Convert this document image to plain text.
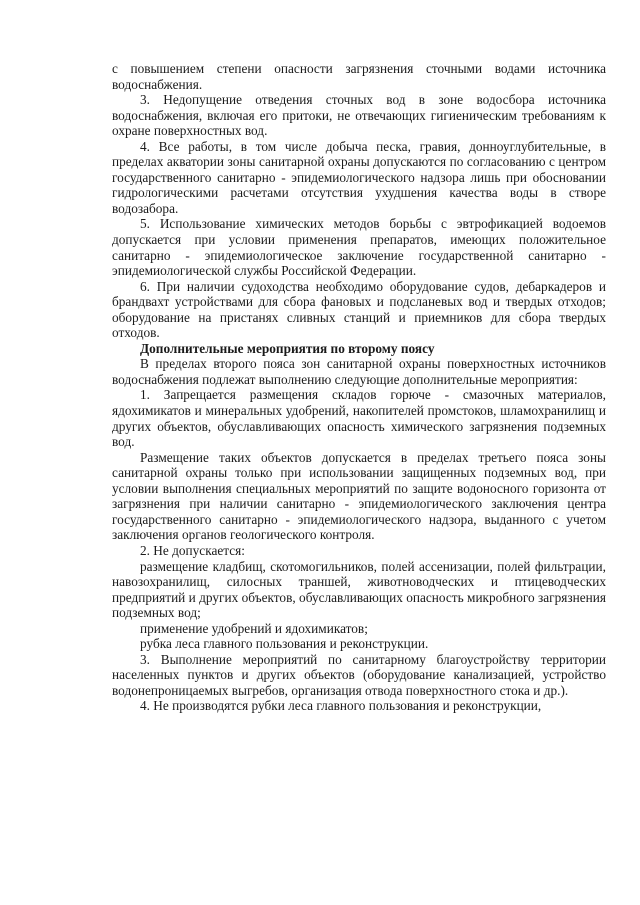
с повышением степени опасности загрязнения сточными водами источника водоснабжения.

3. Недопущение отведения сточных вод в зоне водосбора источника водоснабжения, включая его притоки, не отвечающих гигиеническим требованиям к охране поверхностных вод.

4. Все работы, в том числе добыча песка, гравия, донноуглубительные, в пределах акватории зоны санитарной охраны допускаются по согласованию с центром государственного санитарно - эпидемиологического надзора лишь при обосновании гидрологическими расчетами отсутствия ухудшения качества воды в створе водозабора.

5. Использование химических методов борьбы с эвтрофикацией водоемов допускается при условии применения препаратов, имеющих положительное санитарно - эпидемиологическое заключение государственной санитарно - эпидемиологической службы Российской Федерации.

6. При наличии судоходства необходимо оборудование судов, дебаркадеров и брандвахт устройствами для сбора фановых и подсланевых вод и твердых отходов; оборудование на пристанях сливных станций и приемников для сбора твердых отходов.

Дополнительные мероприятия по второму поясу

В пределах второго пояса зон санитарной охраны поверхностных источников водоснабжения подлежат выполнению следующие дополнительные мероприятия:

1. Запрещается размещения складов горюче - смазочных материалов, ядохимикатов и минеральных удобрений, накопителей промстоков, шламохранилищ и других объектов, обуславливающих опасность химического загрязнения подземных вод.

Размещение таких объектов допускается в пределах третьего пояса зоны санитарной охраны только при использовании защищенных подземных вод, при условии выполнения специальных мероприятий по защите водоносного горизонта от загрязнения при наличии санитарно - эпидемиологического заключения центра государственного санитарно - эпидемиологического надзора, выданного с учетом заключения органов геологического контроля.

2. Не допускается:

размещение кладбищ, скотомогильников, полей ассенизации, полей фильтрации, навозохранилищ, силосных траншей, животноводческих и птицеводческих предприятий и других объектов, обуславливающих опасность микробного загрязнения подземных вод;

применение удобрений и ядохимикатов;

рубка леса главного пользования и реконструкции.

3. Выполнение мероприятий по санитарному благоустройству территории населенных пунктов и других объектов (оборудование канализацией, устройство водонепроницаемых выгребов, организация отвода поверхностного стока и др.).

4. Не производятся рубки леса главного пользования и реконструкции,
